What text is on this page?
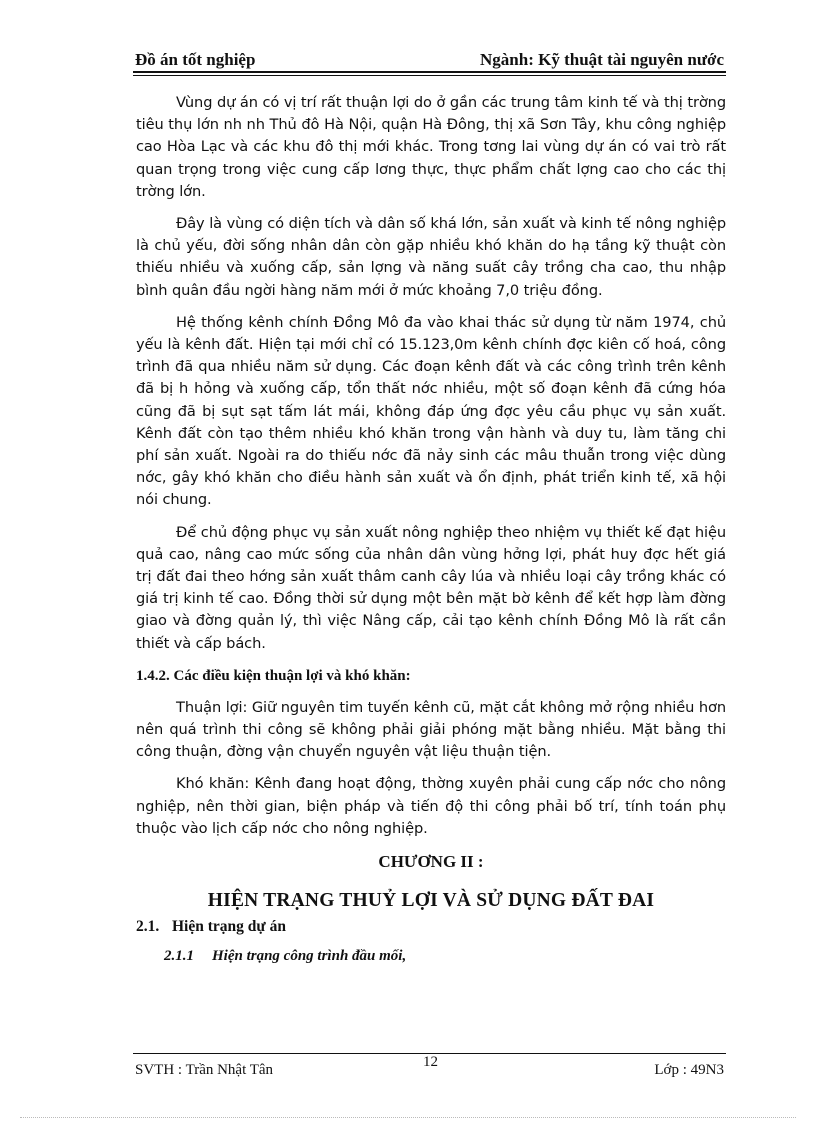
Đồ án tốt nghiệp	Ngành: Kỹ thuật tài nguyên nước

Vùng dự án có vị trí rất thuận lợi do ở gần các trung tâm kinh tế và thị trờng tiêu thụ lớn nh nh Thủ đô Hà Nội, quận Hà Đông, thị xã Sơn Tây, khu công nghiệp cao Hòa Lạc và các khu đô thị mới khác. Trong tơng lai vùng dự án có vai trò rất quan trọng trong việc cung cấp lơng thực, thực phẩm chất lợng cao cho các thị trờng lớn.

Đây là vùng có diện tích và dân số khá lớn, sản xuất và kinh tế nông nghiệp là chủ yếu, đời sống nhân dân còn gặp nhiều khó khăn do hạ tầng kỹ thuật còn thiếu nhiều và xuống cấp, sản lợng và năng suất cây trồng cha cao, thu nhập bình quân đầu ngời hàng năm mới ở mức khoảng 7,0 triệu đồng.

Hệ thống kênh chính Đồng Mô đa vào khai thác sử dụng từ năm 1974, chủ yếu là kênh đất. Hiện tại mới chỉ có 15.123,0m kênh chính đợc kiên cố hoá, công trình đã qua nhiều năm sử dụng. Các đoạn kênh đất và các công trình trên kênh đã bị h hỏng và xuống cấp, tổn thất nớc nhiều, một số đoạn kênh đã cứng hóa cũng đã bị sụt sạt tấm lát mái, không đáp ứng đợc yêu cầu phục vụ sản xuất. Kênh đất còn tạo thêm nhiều khó khăn trong vận hành và duy tu, làm tăng chi phí sản xuất. Ngoài ra do thiếu nớc đã nảy sinh các mâu thuẫn trong việc dùng nớc, gây khó khăn cho điều hành sản xuất và ổn định, phát triển kinh tế, xã hội nói chung.

Để chủ động phục vụ sản xuất nông nghiệp theo nhiệm vụ thiết kế đạt hiệu quả cao, nâng cao mức sống của nhân dân vùng hởng lợi, phát huy đợc hết giá trị đất đai theo hớng sản xuất thâm canh cây lúa và nhiều loại cây trồng khác có giá trị kinh tế cao. Đồng thời sử dụng một bên mặt bờ kênh để kết hợp làm đờng giao và đờng quản lý, thì việc Nâng cấp, cải tạo kênh chính Đồng Mô là rất cần thiết và cấp bách.

1.4.2. Các điều kiện thuận lợi và khó khăn:

Thuận lợi: Giữ nguyên tim tuyến kênh cũ, mặt cắt không mở rộng nhiều hơn nên quá trình thi công sẽ không phải giải phóng mặt bằng nhiều. Mặt bằng thi công thuận, đờng vận chuyển nguyên vật liệu thuận tiện.

Khó khăn: Kênh đang hoạt động, thờng xuyên phải cung cấp nớc cho nông nghiệp, nên thời gian, biện pháp và tiến độ thi công phải bố trí, tính toán phụ thuộc vào lịch cấp nớc cho nông nghiệp.

CHƯƠNG II :
HIỆN TRẠNG THUỶ LỢI VÀ SỬ DỤNG ĐẤT ĐAI
2.1. Hiện trạng dự án
2.1.1 Hiện trạng công trình đầu mối,
SVTH : Trần Nhật Tân	12	Lớp : 49N3
